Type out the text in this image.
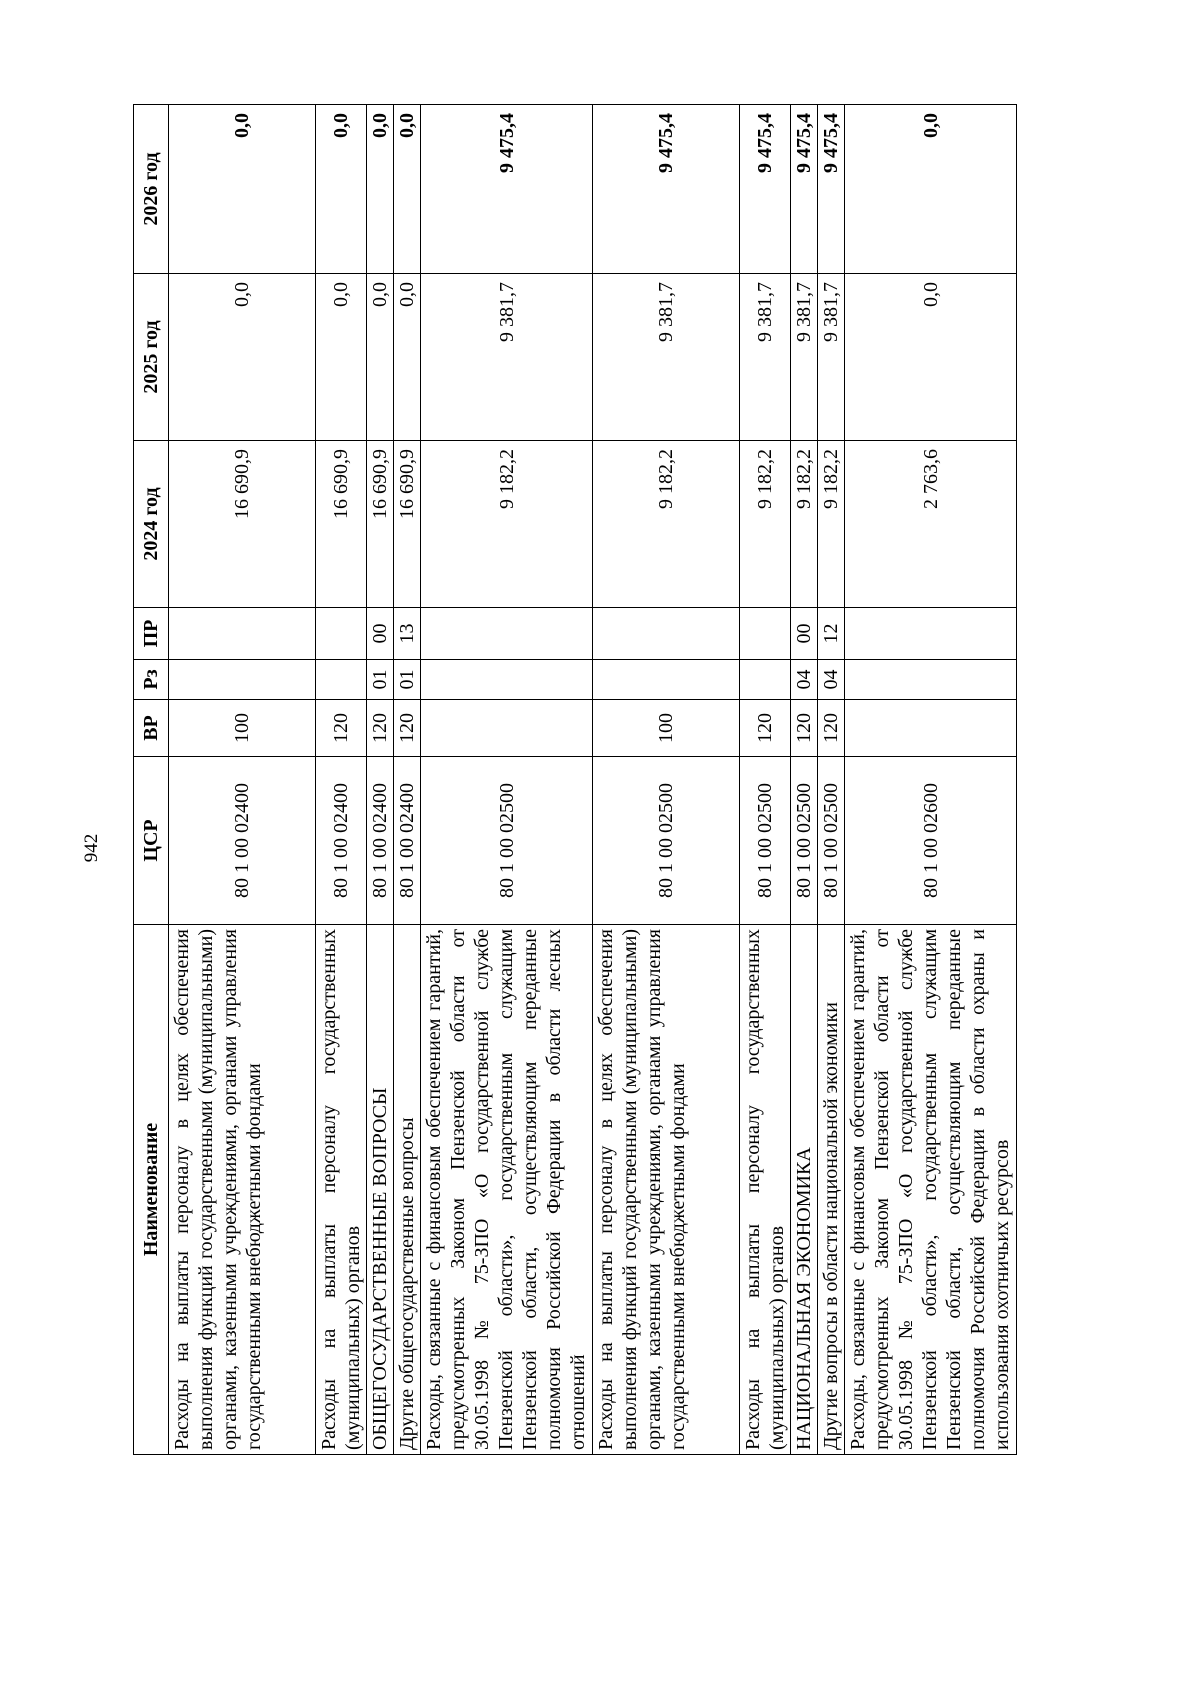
942
Наименование	ЦСР	ВР	Рз	ПР	2024 год	2025 год	2026 год
Расходы на выплаты персоналу в целях обеспечения выполнения функций государственными (муниципальными) органами, казенными учреждениями, органами управления государственными внебюджетными фондами	80 1 00 02400	100			16 690,9	0,0	0,0
Расходы на выплаты персоналу государственных (муниципальных) органов	80 1 00 02400	120			16 690,9	0,0	0,0
ОБЩЕГОСУДАРСТВЕННЫЕ ВОПРОСЫ	80 1 00 02400	120	01	00	16 690,9	0,0	0,0
Другие общегосударственные вопросы	80 1 00 02400	120	01	13	16 690,9	0,0	0,0
Расходы, связанные с финансовым обеспечением гарантий, предусмотренных Законом Пензенской области от 30.05.1998 № 75-ЗПО «О государственной службе Пензенской области», государственным служащим Пензенской области, осуществляющим переданные полномочия Российской Федерации в области лесных отношений	80 1 00 02500				9 182,2	9 381,7	9 475,4
Расходы на выплаты персоналу в целях обеспечения выполнения функций государственными (муниципальными) органами, казенными учреждениями, органами управления государственными внебюджетными фондами	80 1 00 02500	100			9 182,2	9 381,7	9 475,4
Расходы на выплаты персоналу государственных (муниципальных) органов	80 1 00 02500	120			9 182,2	9 381,7	9 475,4
НАЦИОНАЛЬНАЯ ЭКОНОМИКА	80 1 00 02500	120	04	00	9 182,2	9 381,7	9 475,4
Другие вопросы в области национальной экономики	80 1 00 02500	120	04	12	9 182,2	9 381,7	9 475,4
Расходы, связанные с финансовым обеспечением гарантий, предусмотренных Законом Пензенской области от 30.05.1998 № 75-ЗПО «О государственной службе Пензенской области», государственным служащим Пензенской области, осуществляющим переданные полномочия Российской Федерации в области охраны и использования охотничьих ресурсов	80 1 00 02600				2 763,6	0,0	0,0
